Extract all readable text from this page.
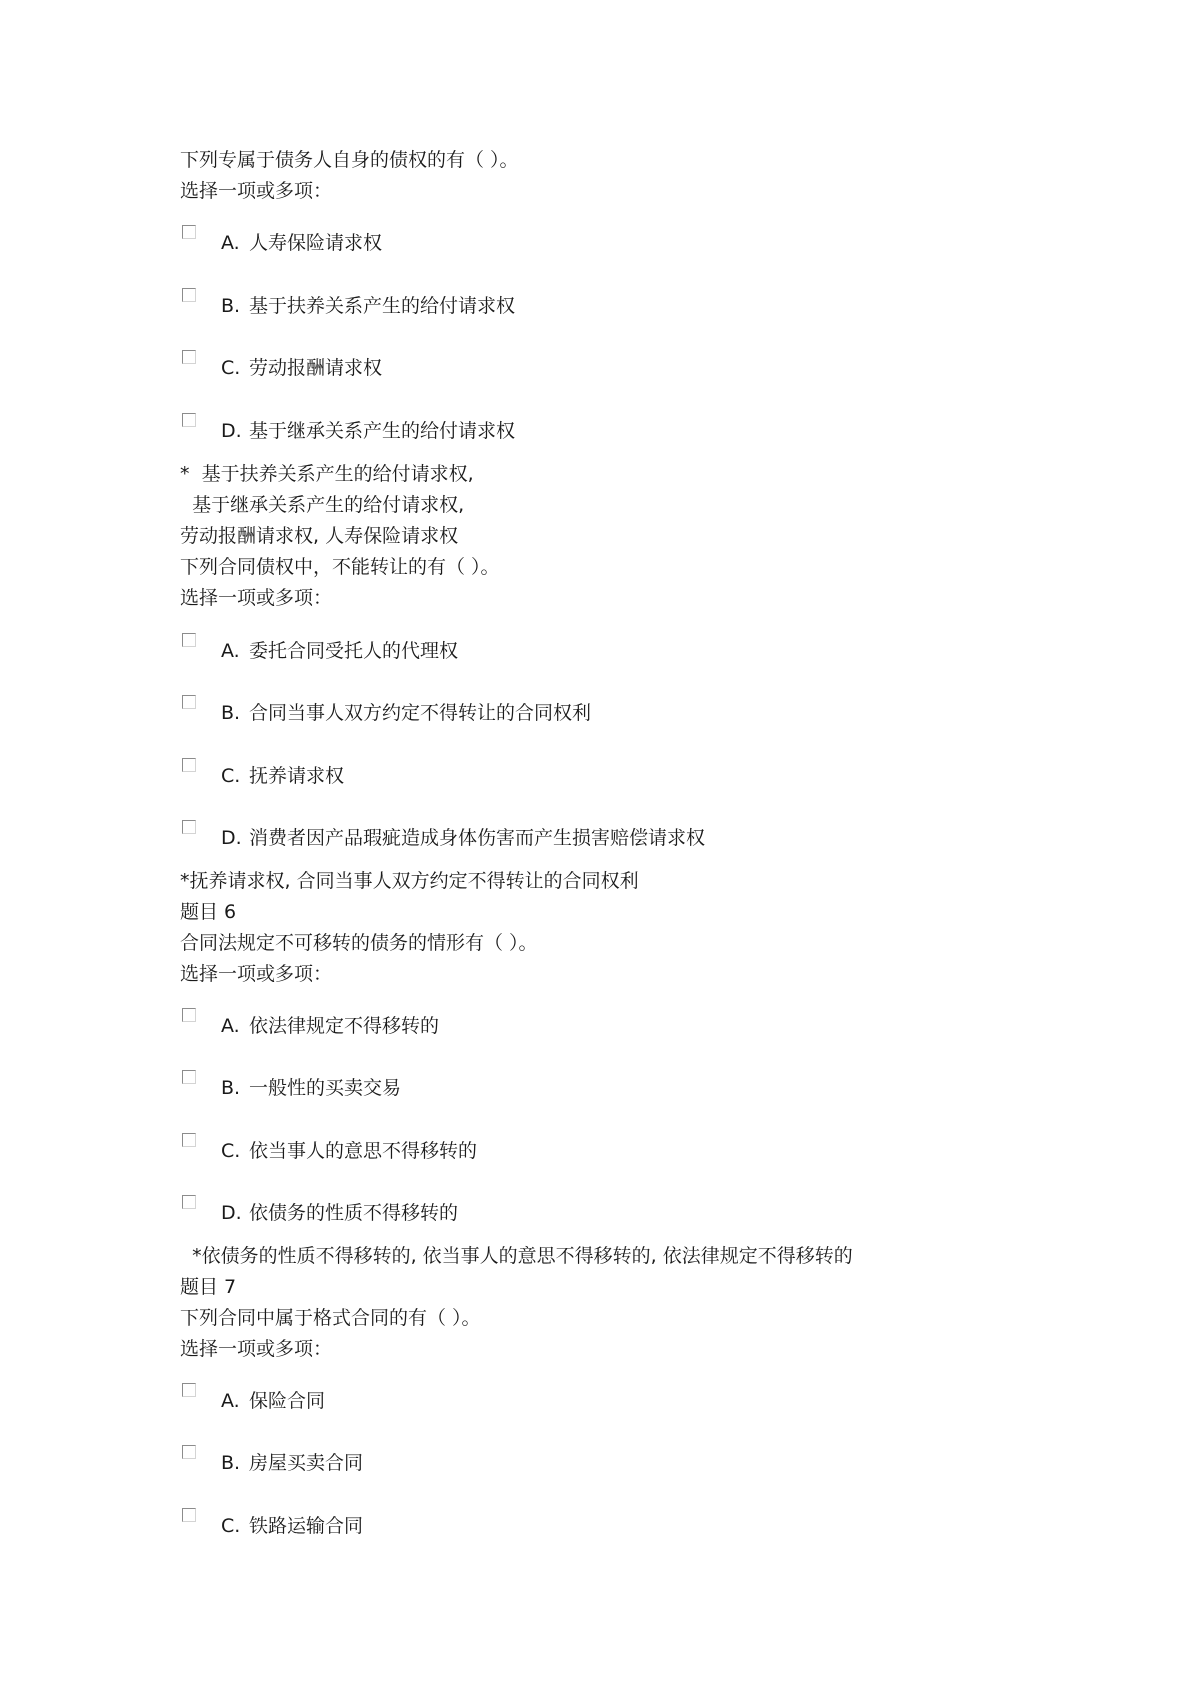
下列专属于债务人自身的债权的有（ ）。
选择一项或多项：
A. 人寿保险请求权
B. 基于扶养关系产生的给付请求权
C. 劳动报酬请求权
D. 基于继承关系产生的给付请求权
*  基于扶养关系产生的给付请求权,
基于继承关系产生的给付请求权,
劳动报酬请求权, 人寿保险请求权
下列合同债权中，不能转让的有（ ）。
选择一项或多项：
A. 委托合同受托人的代理权
B. 合同当事人双方约定不得转让的合同权利
C. 抚养请求权
D. 消费者因产品瑕疵造成身体伤害而产生损害赔偿请求权
*抚养请求权, 合同当事人双方约定不得转让的合同权利
题目 6
合同法规定不可移转的债务的情形有（ ）。
选择一项或多项：
A. 依法律规定不得移转的
B. 一般性的买卖交易
C. 依当事人的意思不得移转的
D. 依债务的性质不得移转的
*依债务的性质不得移转的, 依当事人的意思不得移转的, 依法律规定不得移转的
题目 7
下列合同中属于格式合同的有（ ）。
选择一项或多项：
A. 保险合同
B. 房屋买卖合同
C. 铁路运输合同
